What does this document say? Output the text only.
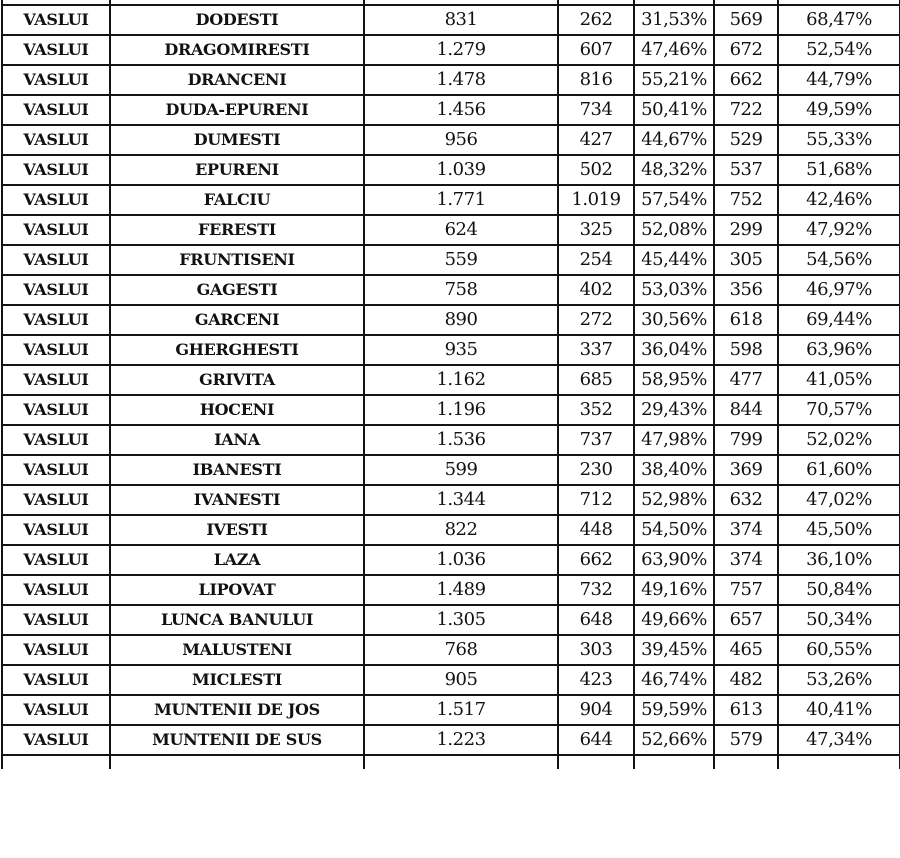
VASLUI	DODESTI	831	262	31,53%	569	68,47%
VASLUI	DRAGOMIRESTI	1.279	607	47,46%	672	52,54%
VASLUI	DRANCENI	1.478	816	55,21%	662	44,79%
VASLUI	DUDA-EPURENI	1.456	734	50,41%	722	49,59%
VASLUI	DUMESTI	956	427	44,67%	529	55,33%
VASLUI	EPURENI	1.039	502	48,32%	537	51,68%
VASLUI	FALCIU	1.771	1.019	57,54%	752	42,46%
VASLUI	FERESTI	624	325	52,08%	299	47,92%
VASLUI	FRUNTISENI	559	254	45,44%	305	54,56%
VASLUI	GAGESTI	758	402	53,03%	356	46,97%
VASLUI	GARCENI	890	272	30,56%	618	69,44%
VASLUI	GHERGHESTI	935	337	36,04%	598	63,96%
VASLUI	GRIVITA	1.162	685	58,95%	477	41,05%
VASLUI	HOCENI	1.196	352	29,43%	844	70,57%
VASLUI	IANA	1.536	737	47,98%	799	52,02%
VASLUI	IBANESTI	599	230	38,40%	369	61,60%
VASLUI	IVANESTI	1.344	712	52,98%	632	47,02%
VASLUI	IVESTI	822	448	54,50%	374	45,50%
VASLUI	LAZA	1.036	662	63,90%	374	36,10%
VASLUI	LIPOVAT	1.489	732	49,16%	757	50,84%
VASLUI	LUNCA BANULUI	1.305	648	49,66%	657	50,34%
VASLUI	MALUSTENI	768	303	39,45%	465	60,55%
VASLUI	MICLESTI	905	423	46,74%	482	53,26%
VASLUI	MUNTENII DE JOS	1.517	904	59,59%	613	40,41%
VASLUI	MUNTENII DE SUS	1.223	644	52,66%	579	47,34%
